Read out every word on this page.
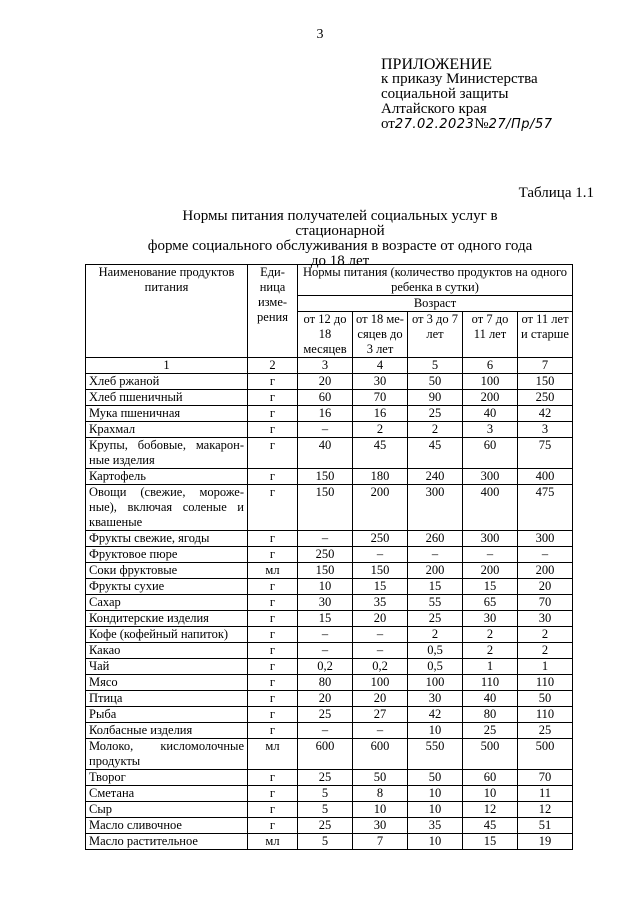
3
ПРИЛОЖЕНИЕ
к приказу Министерства
социальной защиты
Алтайского края
от27.02.2023№27/Пр/57
Таблица 1.1
Нормы питания получателей социальных услуг в стационарной
форме социального обслуживания в возрасте от одного года
до 18 лет
Наименование продуктов питания	Еди- ница изме- рения	Нормы питания (количество продуктов на одного ребенка в сутки)				
		Возраст				
		от 12 до 18 месяцев	от 18 ме- сяцев до 3 лет	от 3 до 7 лет	от 7 до 11 лет	от 11 лет и старше
1	2	3	4	5	6	7
Хлеб ржаной	г	20	30	50	100	150
Хлеб пшеничный	г	60	70	90	200	250
Мука пшеничная	г	16	16	25	40	42
Крахмал	г	–	2	2	3	3
Крупы, бобовые, макарон- ные изделия	г	40	45	45	60	75
Картофель	г	150	180	240	300	400
Овощи (свежие, мороже- ные), включая соленые и квашеные	г	150	200	300	400	475
Фрукты свежие, ягоды	г	–	250	260	300	300
Фруктовое пюре	г	250	–	–	–	–
Соки фруктовые	мл	150	150	200	200	200
Фрукты сухие	г	10	15	15	15	20
Сахар	г	30	35	55	65	70
Кондитерские изделия	г	15	20	25	30	30
Кофе (кофейный напиток)	г	–	–	2	2	2
Какао	г	–	–	0,5	2	2
Чай	г	0,2	0,2	0,5	1	1
Мясо	г	80	100	100	110	110
Птица	г	20	20	30	40	50
Рыба	г	25	27	42	80	110
Колбасные изделия	г	–	–	10	25	25
Молоко, кисломолочные продукты	мл	600	600	550	500	500
Творог	г	25	50	50	60	70
Сметана	г	5	8	10	10	11
Сыр	г	5	10	10	12	12
Масло сливочное	г	25	30	35	45	51
Масло растительное	мл	5	7	10	15	19
